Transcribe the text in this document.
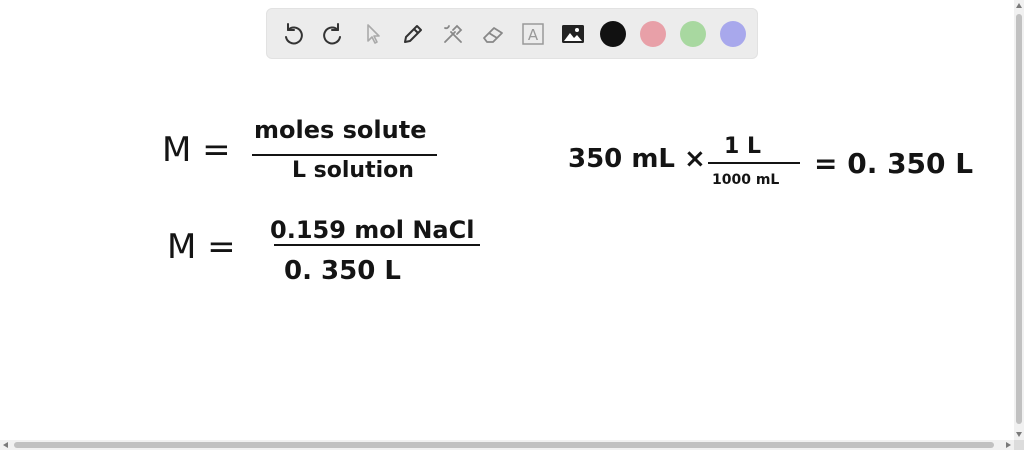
A
M = moles solute
L solution	350 mL × 1 L
1000 mL = 0. 350 L
M = 0.159 mol NaCl
0. 350 L
